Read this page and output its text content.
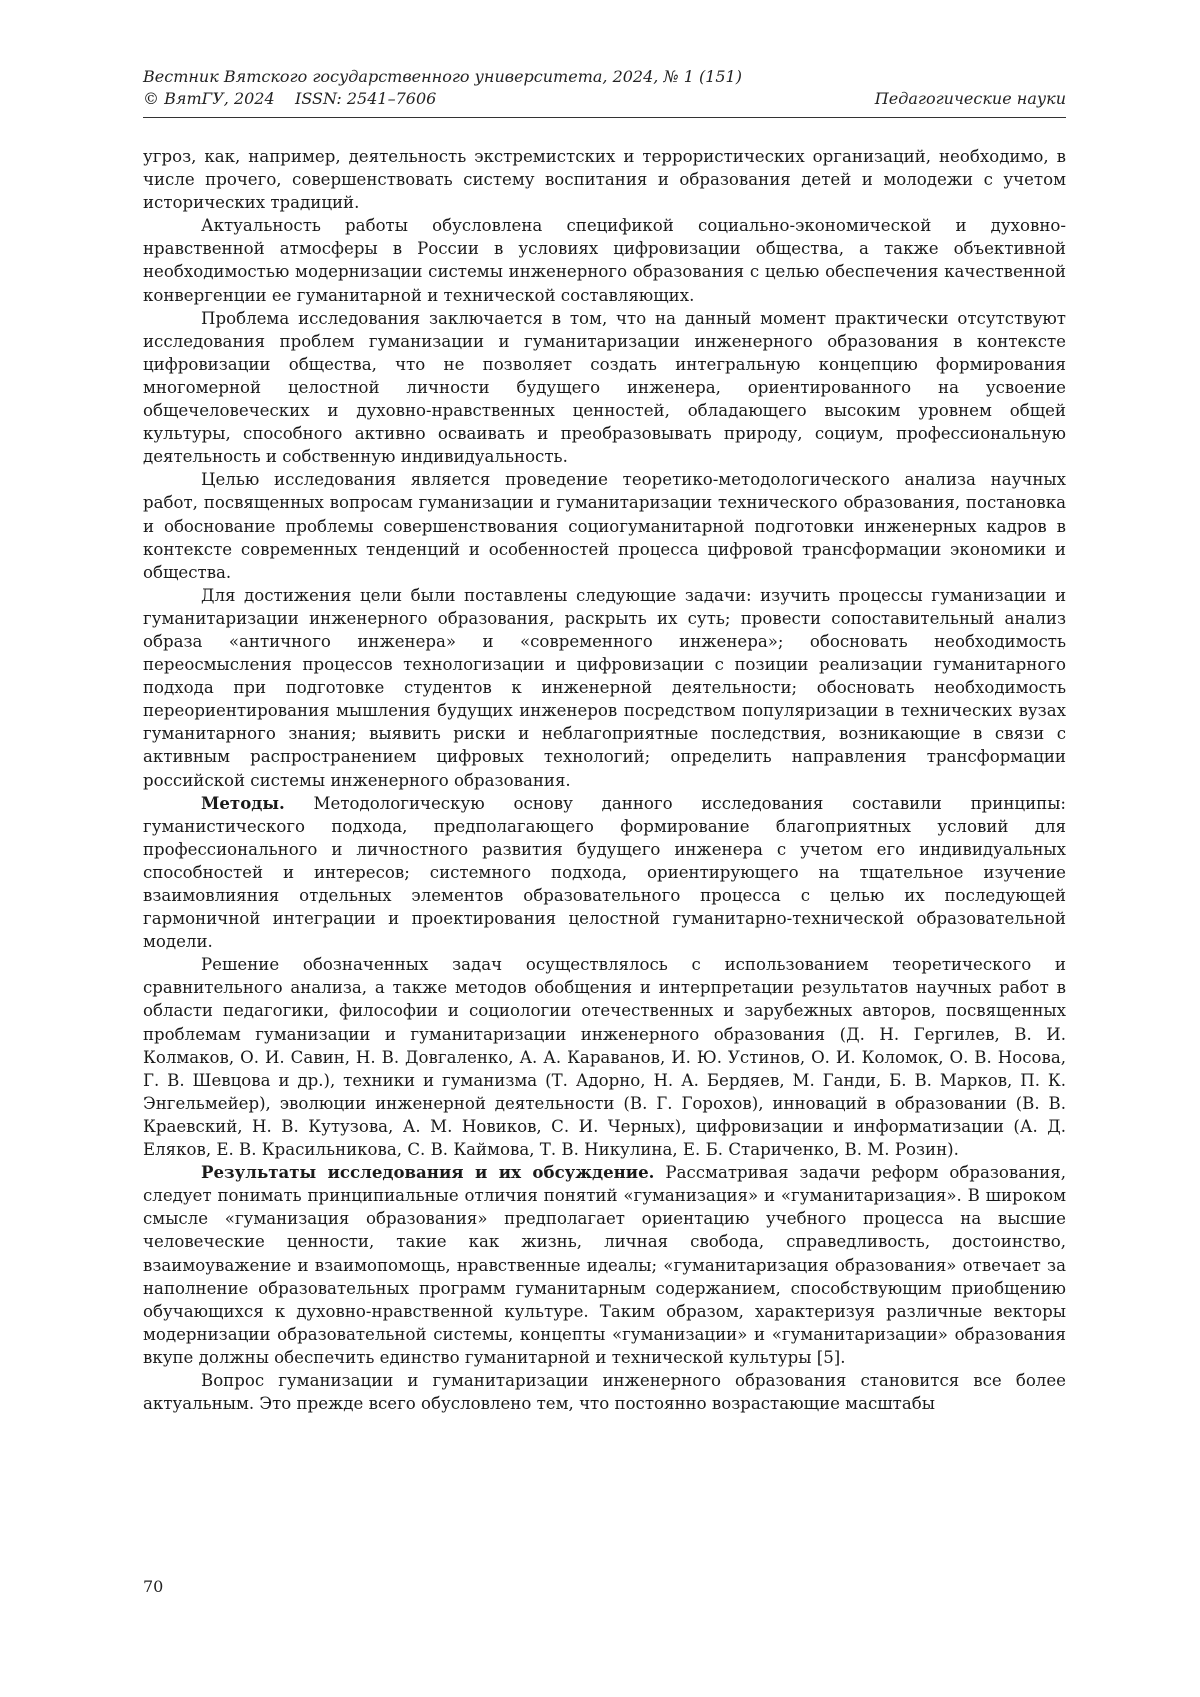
Вестник Вятского государственного университета, 2024, № 1 (151)
© ВятГУ, 2024 ISSN: 2541–7606	Педагогические науки

угроз, как, например, деятельность экстремистских и террористических организаций, необходимо, в числе прочего, совершенствовать систему воспитания и образования детей и молодежи с учетом исторических традиций.

Актуальность работы обусловлена спецификой социально-экономической и духовно-нравственной атмосферы в России в условиях цифровизации общества, а также объективной необходимостью модернизации системы инженерного образования с целью обеспечения качественной конвергенции ее гуманитарной и технической составляющих.

Проблема исследования заключается в том, что на данный момент практически отсутствуют исследования проблем гуманизации и гуманитаризации инженерного образования в контексте цифровизации общества, что не позволяет создать интегральную концепцию формирования многомерной целостной личности будущего инженера, ориентированного на усвоение общечеловеческих и духовно-нравственных ценностей, обладающего высоким уровнем общей культуры, способного активно осваивать и преобразовывать природу, социум, профессиональную деятельность и собственную индивидуальность.

Целью исследования является проведение теоретико-методологического анализа научных работ, посвященных вопросам гуманизации и гуманитаризации технического образования, постановка и обоснование проблемы совершенствования социогуманитарной подготовки инженерных кадров в контексте современных тенденций и особенностей процесса цифровой трансформации экономики и общества.

Для достижения цели были поставлены следующие задачи: изучить процессы гуманизации и гуманитаризации инженерного образования, раскрыть их суть; провести сопоставительный анализ образа «античного инженера» и «современного инженера»; обосновать необходимость переосмысления процессов технологизации и цифровизации с позиции реализации гуманитарного подхода при подготовке студентов к инженерной деятельности; обосновать необходимость переориентирования мышления будущих инженеров посредством популяризации в технических вузах гуманитарного знания; выявить риски и неблагоприятные последствия, возникающие в связи с активным распространением цифровых технологий; определить направления трансформации российской системы инженерного образования.

Методы. Методологическую основу данного исследования составили принципы: гуманистического подхода, предполагающего формирование благоприятных условий для профессионального и личностного развития будущего инженера с учетом его индивидуальных способностей и интересов; системного подхода, ориентирующего на тщательное изучение взаимовлияния отдельных элементов образовательного процесса с целью их последующей гармоничной интеграции и проектирования целостной гуманитарно-технической образовательной модели.

Решение обозначенных задач осуществлялось с использованием теоретического и сравнительного анализа, а также методов обобщения и интерпретации результатов научных работ в области педагогики, философии и социологии отечественных и зарубежных авторов, посвященных проблемам гуманизации и гуманитаризации инженерного образования (Д. Н. Гергилев, В. И. Колмаков, О. И. Савин, Н. В. Довгаленко, А. А. Караванов, И. Ю. Устинов, О. И. Коломок, О. В. Носова, Г. В. Шевцова и др.), техники и гуманизма (Т. Адорно, Н. А. Бердяев, М. Ганди, Б. В. Марков, П. К. Энгельмейер), эволюции инженерной деятельности (В. Г. Горохов), инноваций в образовании (В. В. Краевский, Н. В. Кутузова, А. М. Новиков, С. И. Черных), цифровизации и информатизации (А. Д. Еляков, Е. В. Красильникова, С. В. Каймова, Т. В. Никулина, Е. Б. Стариченко, В. М. Розин).

Результаты исследования и их обсуждение. Рассматривая задачи реформ образования, следует понимать принципиальные отличия понятий «гуманизация» и «гуманитаризация». В широком смысле «гуманизация образования» предполагает ориентацию учебного процесса на высшие человеческие ценности, такие как жизнь, личная свобода, справедливость, достоинство, взаимоуважение и взаимопомощь, нравственные идеалы; «гуманитаризация образования» отвечает за наполнение образовательных программ гуманитарным содержанием, способствующим приобщению обучающихся к духовно-нравственной культуре. Таким образом, характеризуя различные векторы модернизации образовательной системы, концепты «гуманизации» и «гуманитаризации» образования вкупе должны обеспечить единство гуманитарной и технической культуры [5].

Вопрос гуманизации и гуманитаризации инженерного образования становится все более актуальным. Это прежде всего обусловлено тем, что постоянно возрастающие масштабы

70
